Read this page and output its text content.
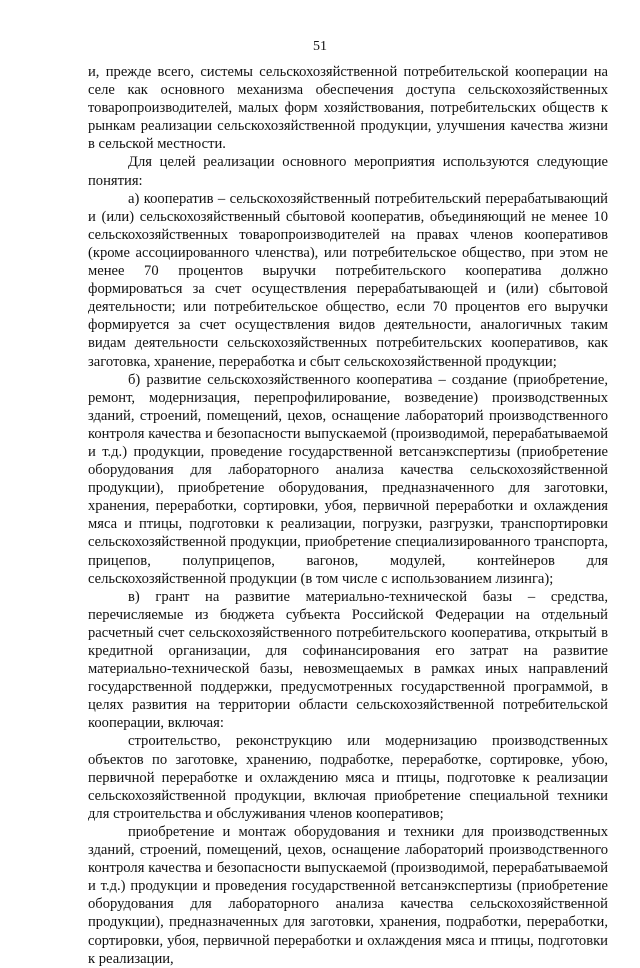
51

и, прежде всего, системы сельскохозяйственной потребительской кооперации на селе как основного механизма обеспечения доступа сельскохозяйственных товаропроизводителей, малых форм хозяйствования, потребительских обществ к рынкам реализации сельскохозяйственной продукции, улучшения качества жизни в сельской местности.

Для целей реализации основного мероприятия используются следующие понятия:

а) кооператив – сельскохозяйственный потребительский перерабатывающий и (или) сельскохозяйственный сбытовой кооператив, объединяющий не менее 10 сельскохозяйственных товаропроизводителей на правах членов кооперативов (кроме ассоциированного членства), или потребительское общество, при этом не менее 70 процентов выручки потребительского кооператива должно формироваться за счет осуществления перерабатывающей и (или) сбытовой деятельности; или потребительское общество, если 70 процентов его выручки формируется за счет осуществления видов деятельности, аналогичных таким видам деятельности сельскохозяйственных потребительских кооперативов, как заготовка, хранение, переработка и сбыт сельскохозяйственной продукции;

б) развитие сельскохозяйственного кооператива – создание (приобретение, ремонт, модернизация, перепрофилирование, возведение) производственных зданий, строений, помещений, цехов, оснащение лабораторий производственного контроля качества и безопасности выпускаемой (производимой, перерабатываемой и т.д.) продукции, проведение государственной ветсанэкспертизы (приобретение оборудования для лабораторного анализа качества сельскохозяйственной продукции), приобретение оборудования, предназначенного для заготовки, хранения, переработки, сортировки, убоя, первичной переработки и охлаждения мяса и птицы, подготовки к реализации, погрузки, разгрузки, транспортировки сельскохозяйственной продукции, приобретение специализированного транспорта, прицепов, полуприцепов, вагонов, модулей, контейнеров для сельскохозяйственной продукции (в том числе с использованием лизинга);

в) грант на развитие материально-технической базы – средства, перечисляемые из бюджета субъекта Российской Федерации на отдельный расчетный счет сельскохозяйственного потребительского кооператива, открытый в кредитной организации, для софинансирования его затрат на развитие материально-технической базы, невозмещаемых в рамках иных направлений государственной поддержки, предусмотренных государственной программой, в целях развития на территории области сельскохозяйственной потребительской кооперации, включая:

строительство, реконструкцию или модернизацию производственных объектов по заготовке, хранению, подработке, переработке, сортировке, убою, первичной переработке и охлаждению мяса и птицы, подготовке к реализации сельскохозяйственной продукции, включая приобретение специальной техники для строительства и обслуживания членов кооперативов;

приобретение и монтаж оборудования и техники для производственных зданий, строений, помещений, цехов, оснащение лабораторий производственного контроля качества и безопасности выпускаемой (производимой, перерабатываемой и т.д.) продукции и проведения государственной ветсанэкспертизы (приобретение оборудования для лабораторного анализа качества сельскохозяйственной продукции), предназначенных для заготовки, хранения, подработки, переработки, сортировки, убоя, первичной переработки и охлаждения мяса и птицы, подготовки к реализации,
